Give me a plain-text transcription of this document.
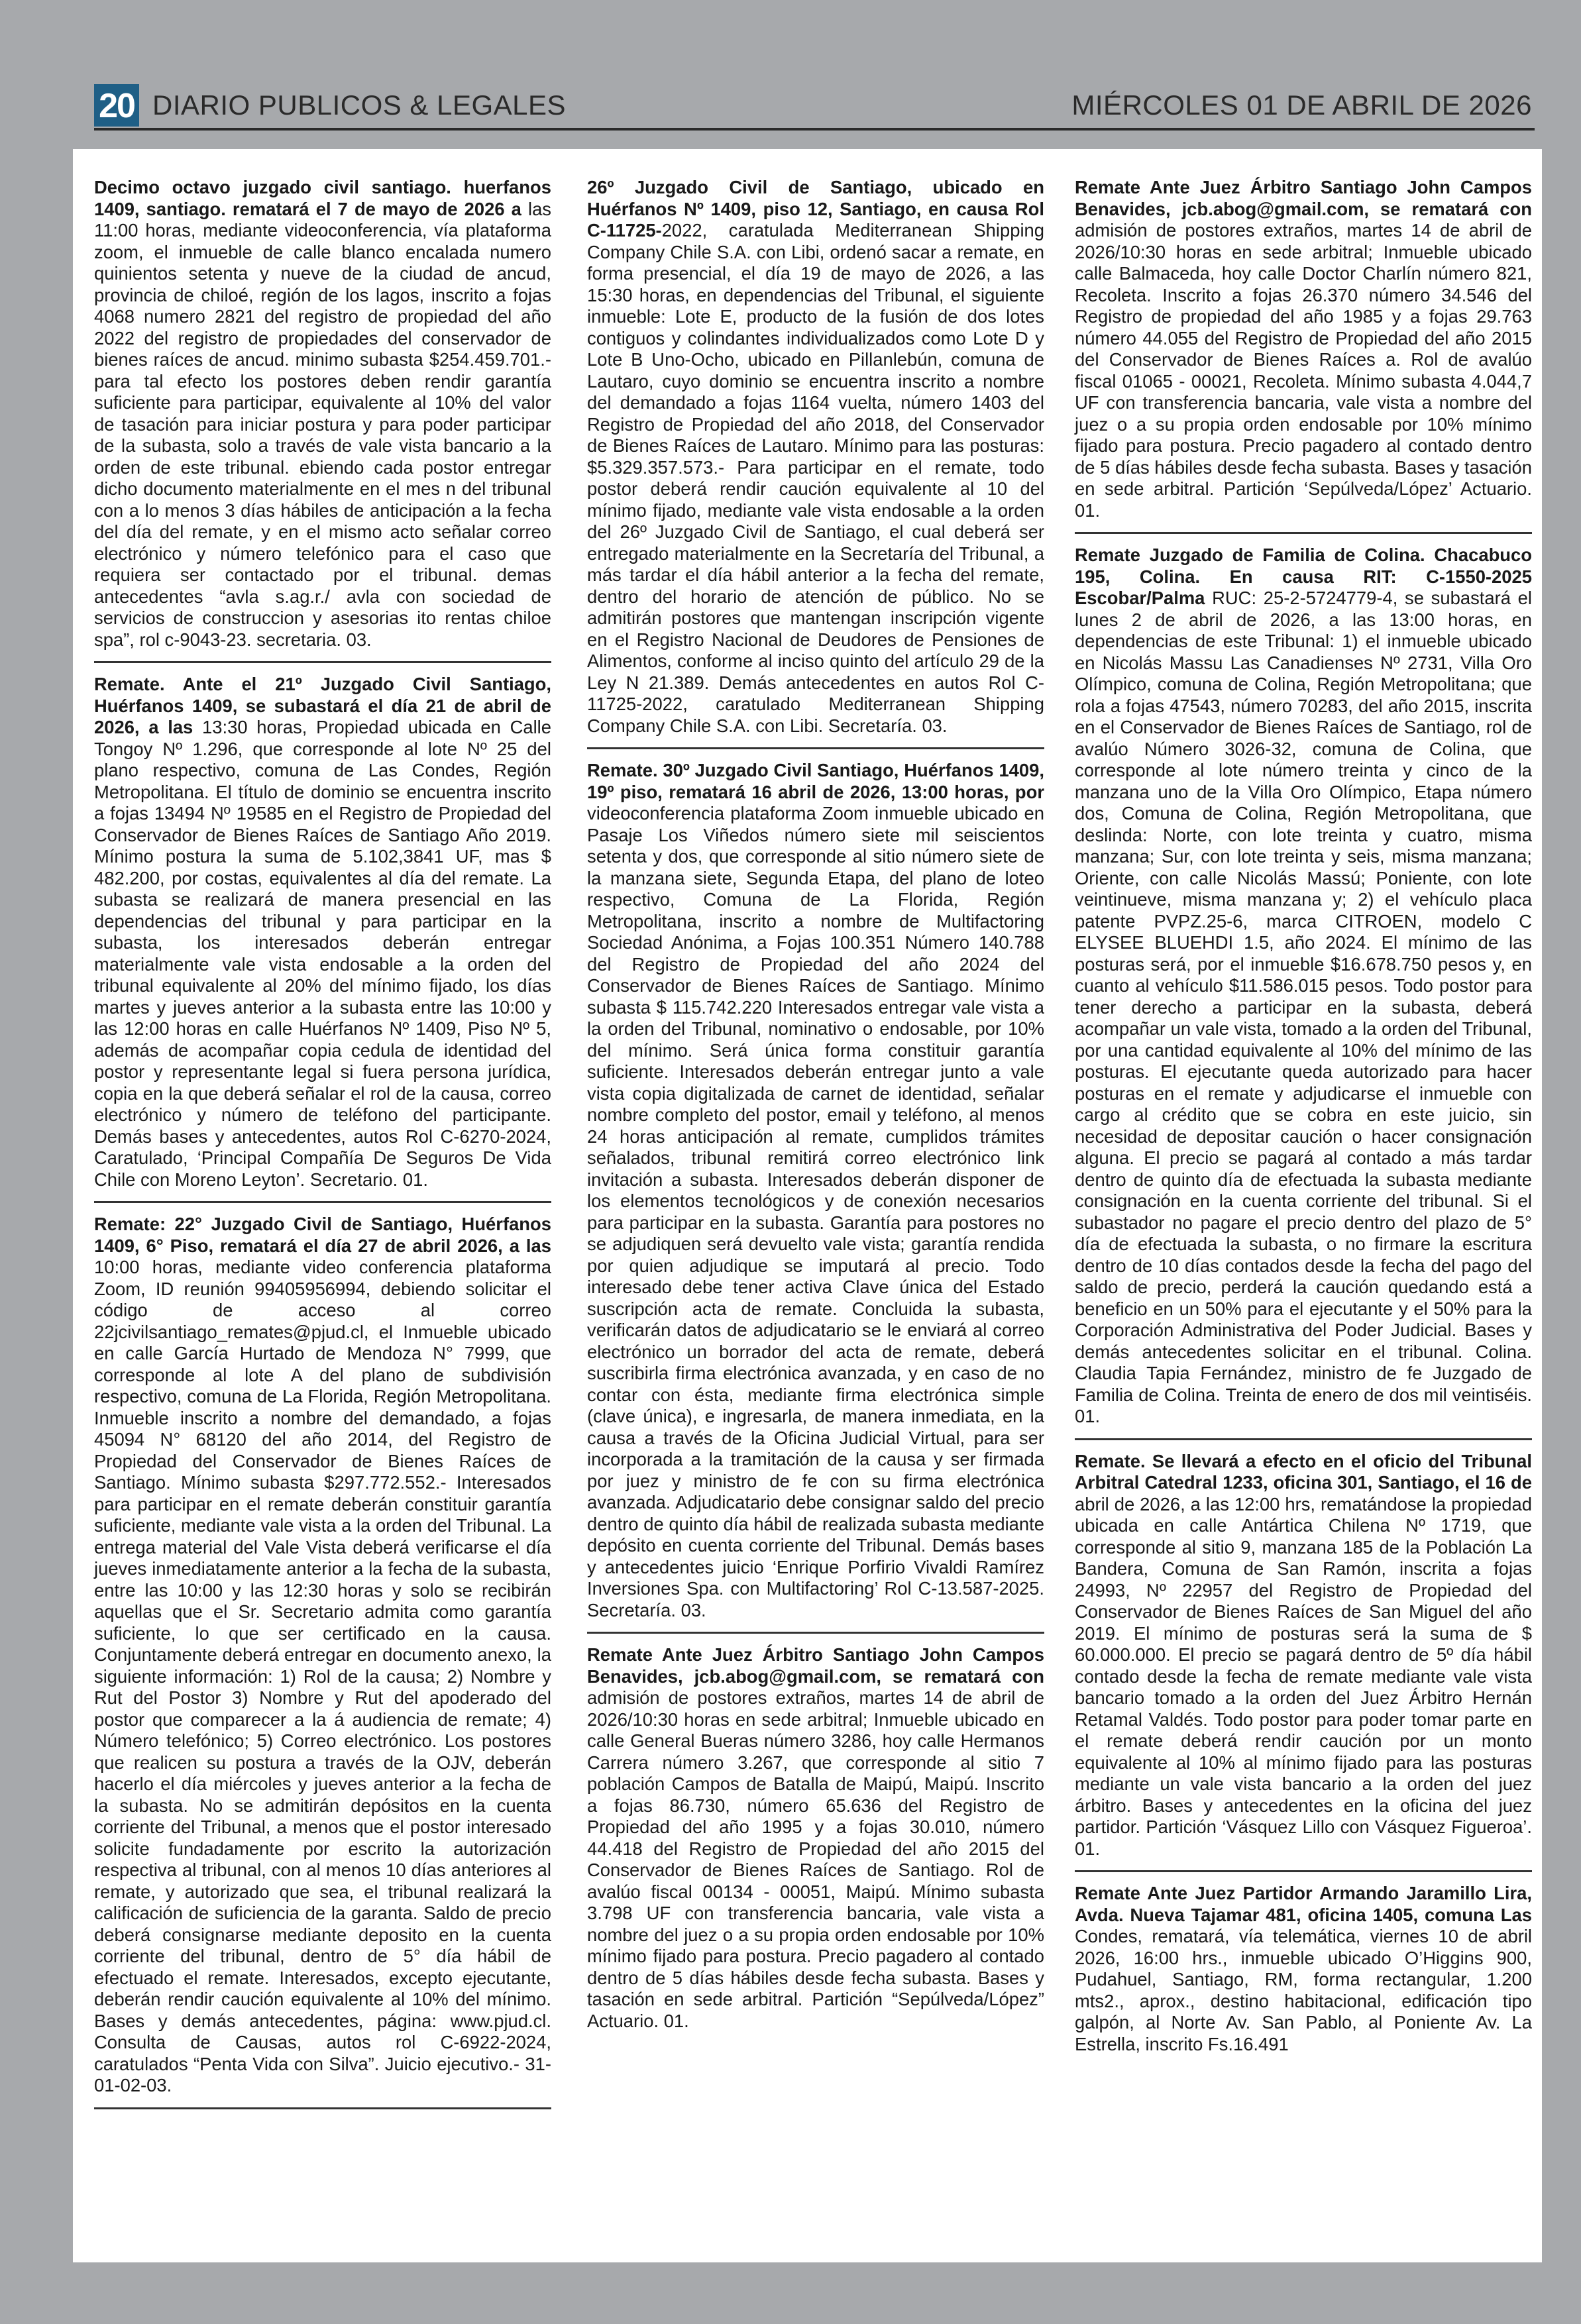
20 DIARIO PUBLICOS & LEGALES	MIÉRCOLES 01 DE ABRIL DE 2026

Decimo octavo juzgado civil santiago. huerfanos 1409, santiago. rematará el 7 de mayo de 2026 a las 11:00 horas, mediante videoconferencia, vía plataforma zoom, el inmueble de calle blanco encalada numero quinientos setenta y nueve de la ciudad de ancud, provincia de chiloé, región de los lagos, inscrito a fojas 4068 numero 2821 del registro de propiedad del año 2022 del registro de propiedades del conservador de bienes raíces de ancud. minimo subasta $254.459.701.- para tal efecto los postores deben rendir garantía suficiente para participar, equivalente al 10% del valor de tasación para iniciar postura y para poder participar de la subasta, solo a través de vale vista bancario a la orden de este tribunal. ebiendo cada postor entregar dicho documento materialmente en el mes n del tribunal con a lo menos 3 días hábiles de anticipación a la fecha del día del remate, y en el mismo acto señalar correo electrónico y número telefónico para el caso que requiera ser contactado por el tribunal. demas antecedentes “avla s.ag.r./ avla con sociedad de servicios de construccion y asesorias ito rentas chiloe spa”, rol c-9043-23. secretaria. 03.

Remate. Ante el 21º Juzgado Civil Santiago, Huérfanos 1409, se subastará el día 21 de abril de 2026, a las 13:30 horas, Propiedad ubicada en Calle Tongoy Nº 1.296, que corresponde al lote Nº 25 del plano respectivo, comuna de Las Condes, Región Metropolitana. El título de dominio se encuentra inscrito a fojas 13494 Nº 19585 en el Registro de Propiedad del Conservador de Bienes Raíces de Santiago Año 2019. Mínimo postura la suma de 5.102,3841 UF, mas $ 482.200, por costas, equivalentes al día del remate. La subasta se realizará de manera presencial en las dependencias del tribunal y para participar en la subasta, los interesados deberán entregar materialmente vale vista endosable a la orden del tribunal equivalente al 20% del mínimo fijado, los días martes y jueves anterior a la subasta entre las 10:00 y las 12:00 horas en calle Huérfanos Nº 1409, Piso Nº 5, además de acompañar copia cedula de identidad del postor y representante legal si fuera persona jurídica, copia en la que deberá señalar el rol de la causa, correo electrónico y número de teléfono del participante. Demás bases y antecedentes, autos Rol C-6270-2024, Caratulado, ‘Principal Compañía De Seguros De Vida Chile con Moreno Leyton’. Secretario. 01.

Remate: 22° Juzgado Civil de Santiago, Huérfanos 1409, 6° Piso, rematará el día 27 de abril 2026, a las 10:00 horas, mediante video conferencia plataforma Zoom, ID reunión 99405956994, debiendo solicitar el código de acceso al correo 22jcivilsantiago_remates@pjud.cl, el Inmueble ubicado en calle García Hurtado de Mendoza N° 7999, que corresponde al lote A del plano de subdivisión respectivo, comuna de La Florida, Región Metropolitana. Inmueble inscrito a nombre del demandado, a fojas 45094 N° 68120 del año 2014, del Registro de Propiedad del Conservador de Bienes Raíces de Santiago. Mínimo subasta $297.772.552.- Interesados para participar en el remate deberán constituir garantía suficiente, mediante vale vista a la orden del Tribunal. La entrega material del Vale Vista deberá verificarse el día jueves inmediatamente anterior a la fecha de la subasta, entre las 10:00 y las 12:30 horas y solo se recibirán aquellas que el Sr. Secretario admita como garantía suficiente, lo que ser certificado en la causa. Conjuntamente deberá entregar en documento anexo, la siguiente información: 1) Rol de la causa; 2) Nombre y Rut del Postor 3) Nombre y Rut del apoderado del postor que comparecer a la á audiencia de remate; 4) Número telefónico; 5) Correo electrónico. Los postores que realicen su postura a través de la OJV, deberán hacerlo el día miércoles y jueves anterior a la fecha de la subasta. No se admitirán depósitos en la cuenta corriente del Tribunal, a menos que el postor interesado solicite fundadamente por escrito la autorización respectiva al tribunal, con al menos 10 días anteriores al remate, y autorizado que sea, el tribunal realizará la calificación de suficiencia de la garanta. Saldo de precio deberá consignarse mediante deposito en la cuenta corriente del tribunal, dentro de 5° día hábil de efectuado el remate. Interesados, excepto ejecutante, deberán rendir caución equivalente al 10% del mínimo. Bases y demás antecedentes, página: www.pjud.cl. Consulta de Causas, autos rol C-6922-2024, caratulados “Penta Vida con Silva”. Juicio ejecutivo.- 31-01-02-03.

26º Juzgado Civil de Santiago, ubicado en Huérfanos Nº 1409, piso 12, Santiago, en causa Rol C-11725-2022, caratulada Mediterranean Shipping Company Chile S.A. con Libi, ordenó sacar a remate, en forma presencial, el día 19 de mayo de 2026, a las 15:30 horas, en dependencias del Tribunal, el siguiente inmueble: Lote E, producto de la fusión de dos lotes contiguos y colindantes individualizados como Lote D y Lote B Uno-Ocho, ubicado en Pillanlebún, comuna de Lautaro, cuyo dominio se encuentra inscrito a nombre del demandado a fojas 1164 vuelta, número 1403 del Registro de Propiedad del año 2018, del Conservador de Bienes Raíces de Lautaro. Mínimo para las posturas: $5.329.357.573.- Para participar en el remate, todo postor deberá rendir caución equivalente al 10 del mínimo fijado, mediante vale vista endosable a la orden del 26º Juzgado Civil de Santiago, el cual deberá ser entregado materialmente en la Secretaría del Tribunal, a más tardar el día hábil anterior a la fecha del remate, dentro del horario de atención de público. No se admitirán postores que mantengan inscripción vigente en el Registro Nacional de Deudores de Pensiones de Alimentos, conforme al inciso quinto del artículo 29 de la Ley N 21.389. Demás antecedentes en autos Rol C-11725-2022, caratulado Mediterranean Shipping Company Chile S.A. con Libi. Secretaría. 03.

Remate. 30º Juzgado Civil Santiago, Huérfanos 1409, 19º piso, rematará 16 abril de 2026, 13:00 horas, por videoconferencia plataforma Zoom inmueble ubicado en Pasaje Los Viñedos número siete mil seiscientos setenta y dos, que corresponde al sitio número siete de la manzana siete, Segunda Etapa, del plano de loteo respectivo, Comuna de La Florida, Región Metropolitana, inscrito a nombre de Multifactoring Sociedad Anónima, a Fojas 100.351 Número 140.788 del Registro de Propiedad del año 2024 del Conservador de Bienes Raíces de Santiago. Mínimo subasta $ 115.742.220 Interesados entregar vale vista a la orden del Tribunal, nominativo o endosable, por 10% del mínimo. Será única forma constituir garantía suficiente. Interesados deberán entregar junto a vale vista copia digitalizada de carnet de identidad, señalar nombre completo del postor, email y teléfono, al menos 24 horas anticipación al remate, cumplidos trámites señalados, tribunal remitirá correo electrónico link invitación a subasta. Interesados deberán disponer de los elementos tecnológicos y de conexión necesarios para participar en la subasta. Garantía para postores no se adjudiquen será devuelto vale vista; garantía rendida por quien adjudique se imputará al precio. Todo interesado debe tener activa Clave única del Estado suscripción acta de remate. Concluida la subasta, verificarán datos de adjudicatario se le enviará al correo electrónico un borrador del acta de remate, deberá suscribirla firma electrónica avanzada, y en caso de no contar con ésta, mediante firma electrónica simple (clave única), e ingresarla, de manera inmediata, en la causa a través de la Oficina Judicial Virtual, para ser incorporada a la tramitación de la causa y ser firmada por juez y ministro de fe con su firma electrónica avanzada. Adjudicatario debe consignar saldo del precio dentro de quinto día hábil de realizada subasta mediante depósito en cuenta corriente del Tribunal. Demás bases y antecedentes juicio ‘Enrique Porfirio Vivaldi Ramírez Inversiones Spa. con Multifactoring’ Rol C-13.587-2025. Secretaría. 03.

Remate Ante Juez Árbitro Santiago John Campos Benavides, jcb.abog@gmail.com, se rematará con admisión de postores extraños, martes 14 de abril de 2026/10:30 horas en sede arbitral; Inmueble ubicado en calle General Bueras número 3286, hoy calle Hermanos Carrera número 3.267, que corresponde al sitio 7 población Campos de Batalla de Maipú, Maipú. Inscrito a fojas 86.730, número 65.636 del Registro de Propiedad del año 1995 y a fojas 30.010, número 44.418 del Registro de Propiedad del año 2015 del Conservador de Bienes Raíces de Santiago. Rol de avalúo fiscal 00134 - 00051, Maipú. Mínimo subasta 3.798 UF con transferencia bancaria, vale vista a nombre del juez o a su propia orden endosable por 10% mínimo fijado para postura. Precio pagadero al contado dentro de 5 días hábiles desde fecha subasta. Bases y tasación en sede arbitral. Partición “Sepúlveda/López” Actuario. 01.

Remate Ante Juez Árbitro Santiago John Campos Benavides, jcb.abog@gmail.com, se rematará con admisión de postores extraños, martes 14 de abril de 2026/10:30 horas en sede arbitral; Inmueble ubicado calle Balmaceda, hoy calle Doctor Charlín número 821, Recoleta. Inscrito a fojas 26.370 número 34.546 del Registro de propiedad del año 1985 y a fojas 29.763 número 44.055 del Registro de Propiedad del año 2015 del Conservador de Bienes Raíces a. Rol de avalúo fiscal 01065 - 00021, Recoleta. Mínimo subasta 4.044,7 UF con transferencia bancaria, vale vista a nombre del juez o a su propia orden endosable por 10% mínimo fijado para postura. Precio pagadero al contado dentro de 5 días hábiles desde fecha subasta. Bases y tasación en sede arbitral. Partición ‘Sepúlveda/López’ Actuario. 01.

Remate Juzgado de Familia de Colina. Chacabuco 195, Colina. En causa RIT: C-1550-2025 Escobar/Palma RUC: 25-2-5724779-4, se subastará el lunes 2 de abril de 2026, a las 13:00 horas, en dependencias de este Tribunal: 1) el inmueble ubicado en Nicolás Massu Las Canadienses Nº 2731, Villa Oro Olímpico, comuna de Colina, Región Metropolitana; que rola a fojas 47543, número 70283, del año 2015, inscrita en el Conservador de Bienes Raíces de Santiago, rol de avalúo Número 3026-32, comuna de Colina, que corresponde al lote número treinta y cinco de la manzana uno de la Villa Oro Olímpico, Etapa número dos, Comuna de Colina, Región Metropolitana, que deslinda: Norte, con lote treinta y cuatro, misma manzana; Sur, con lote treinta y seis, misma manzana; Oriente, con calle Nicolás Massú; Poniente, con lote veintinueve, misma manzana y; 2) el vehículo placa patente PVPZ.25-6, marca CITROEN, modelo C ELYSEE BLUEHDI 1.5, año 2024. El mínimo de las posturas será, por el inmueble $16.678.750 pesos y, en cuanto al vehículo $11.586.015 pesos. Todo postor para tener derecho a participar en la subasta, deberá acompañar un vale vista, tomado a la orden del Tribunal, por una cantidad equivalente al 10% del mínimo de las posturas. El ejecutante queda autorizado para hacer posturas en el remate y adjudicarse el inmueble con cargo al crédito que se cobra en este juicio, sin necesidad de depositar caución o hacer consignación alguna. El precio se pagará al contado a más tardar dentro de quinto día de efectuada la subasta mediante consignación en la cuenta corriente del tribunal. Si el subastador no pagare el precio dentro del plazo de 5° día de efectuada la subasta, o no firmare la escritura dentro de 10 días contados desde la fecha del pago del saldo de precio, perderá la caución quedando está a beneficio en un 50% para el ejecutante y el 50% para la Corporación Administrativa del Poder Judicial. Bases y demás antecedentes solicitar en el tribunal. Colina. Claudia Tapia Fernández, ministro de fe Juzgado de Familia de Colina. Treinta de enero de dos mil veintiséis. 01.

Remate. Se llevará a efecto en el oficio del Tribunal Arbitral Catedral 1233, oficina 301, Santiago, el 16 de abril de 2026, a las 12:00 hrs, rematándose la propiedad ubicada en calle Antártica Chilena Nº 1719, que corresponde al sitio 9, manzana 185 de la Población La Bandera, Comuna de San Ramón, inscrita a fojas 24993, Nº 22957 del Registro de Propiedad del Conservador de Bienes Raíces de San Miguel del año 2019. El mínimo de posturas será la suma de $ 60.000.000. El precio se pagará dentro de 5º día hábil contado desde la fecha de remate mediante vale vista bancario tomado a la orden del Juez Árbitro Hernán Retamal Valdés. Todo postor para poder tomar parte en el remate deberá rendir caución por un monto equivalente al 10% al mínimo fijado para las posturas mediante un vale vista bancario a la orden del juez árbitro. Bases y antecedentes en la oficina del juez partidor. Partición ‘Vásquez Lillo con Vásquez Figueroa’. 01.

Remate Ante Juez Partidor Armando Jaramillo Lira, Avda. Nueva Tajamar 481, oficina 1405, comuna Las Condes, rematará, vía telemática, viernes 10 de abril 2026, 16:00 hrs., inmueble ubicado O’Higgins 900, Pudahuel, Santiago, RM, forma rectangular, 1.200 mts2., aprox., destino habitacional, edificación tipo galpón, al Norte Av. San Pablo, al Poniente Av. La Estrella, inscrito Fs.16.491
